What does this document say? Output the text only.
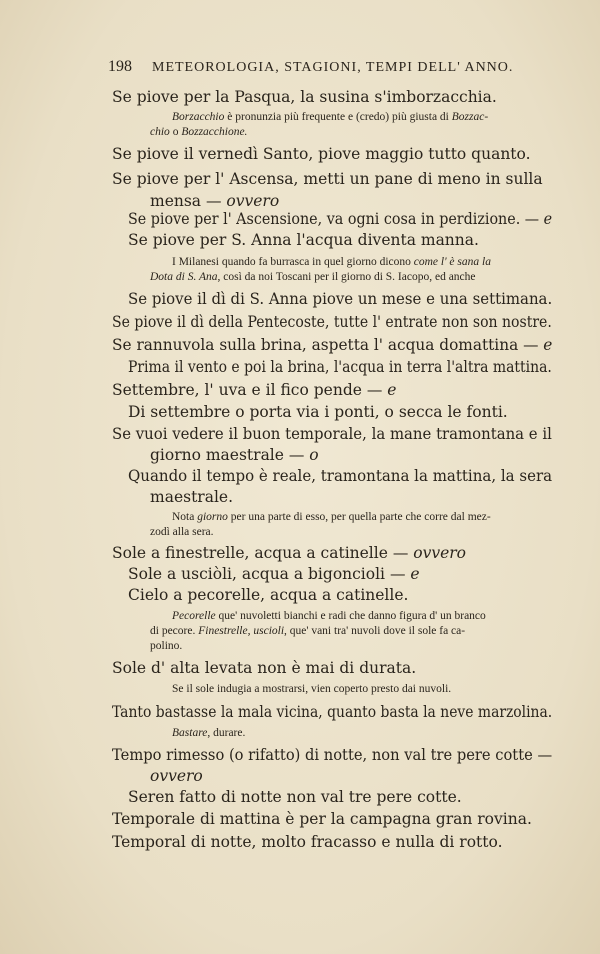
198 METEOROLOGIA, STAGIONI, TEMPI DELL' ANNO.
Se piove per la Pasqua, la susina s'imborzacchia.
Borzacchio è pronunzia più frequente e (credo) più giusta di Bozzac-
chio o Bozzacchione.
Se piove il vernedì Santo, piove maggio tutto quanto.
Se piove per l' Ascensa, metti un pane di meno in sulla
mensa — ovvero
Se piove per l' Ascensione, va ogni cosa in perdizione. — e
Se piove per S. Anna l'acqua diventa manna.
I Milanesi quando fa burrasca in quel giorno dicono come l' è sana la
Dota di S. Ana, così da noi Toscani per il giorno di S. Iacopo, ed anche
Se piove il dì di S. Anna piove un mese e una settimana.
Se piove il dì della Pentecoste, tutte l' entrate non son nostre.
Se rannuvola sulla brina, aspetta l' acqua domattina — e
Prima il vento e poi la brina, l'acqua in terra l'altra mattina.
Settembre, l' uva e il fico pende — e
Di settembre o porta via i ponti, o secca le fonti.
Se vuoi vedere il buon temporale, la mane tramontana e il
giorno maestrale — o
Quando il tempo è reale, tramontana la mattina, la sera
maestrale.
Nota giorno per una parte di esso, per quella parte che corre dal mez-
zodì alla sera.
Sole a finestrelle, acqua a catinelle — ovvero
Sole a usciòli, acqua a bigoncioli — e
Cielo a pecorelle, acqua a catinelle.
Pecorelle que' nuvoletti bianchi e radi che danno figura d' un branco
di pecore. Finestrelle, uscioli, que' vani tra' nuvoli dove il sole fa ca-
polino.
Sole d' alta levata non è mai di durata.
Se il sole indugia a mostrarsi, vien coperto presto dai nuvoli.
Tanto bastasse la mala vicina, quanto basta la neve marzolina.
Bastare, durare.
Tempo rimesso (o rifatto) di notte, non val tre pere cotte —
ovvero
Seren fatto di notte non val tre pere cotte.
Temporale di mattina è per la campagna gran rovina.
Temporal di notte, molto fracasso e nulla di rotto.
